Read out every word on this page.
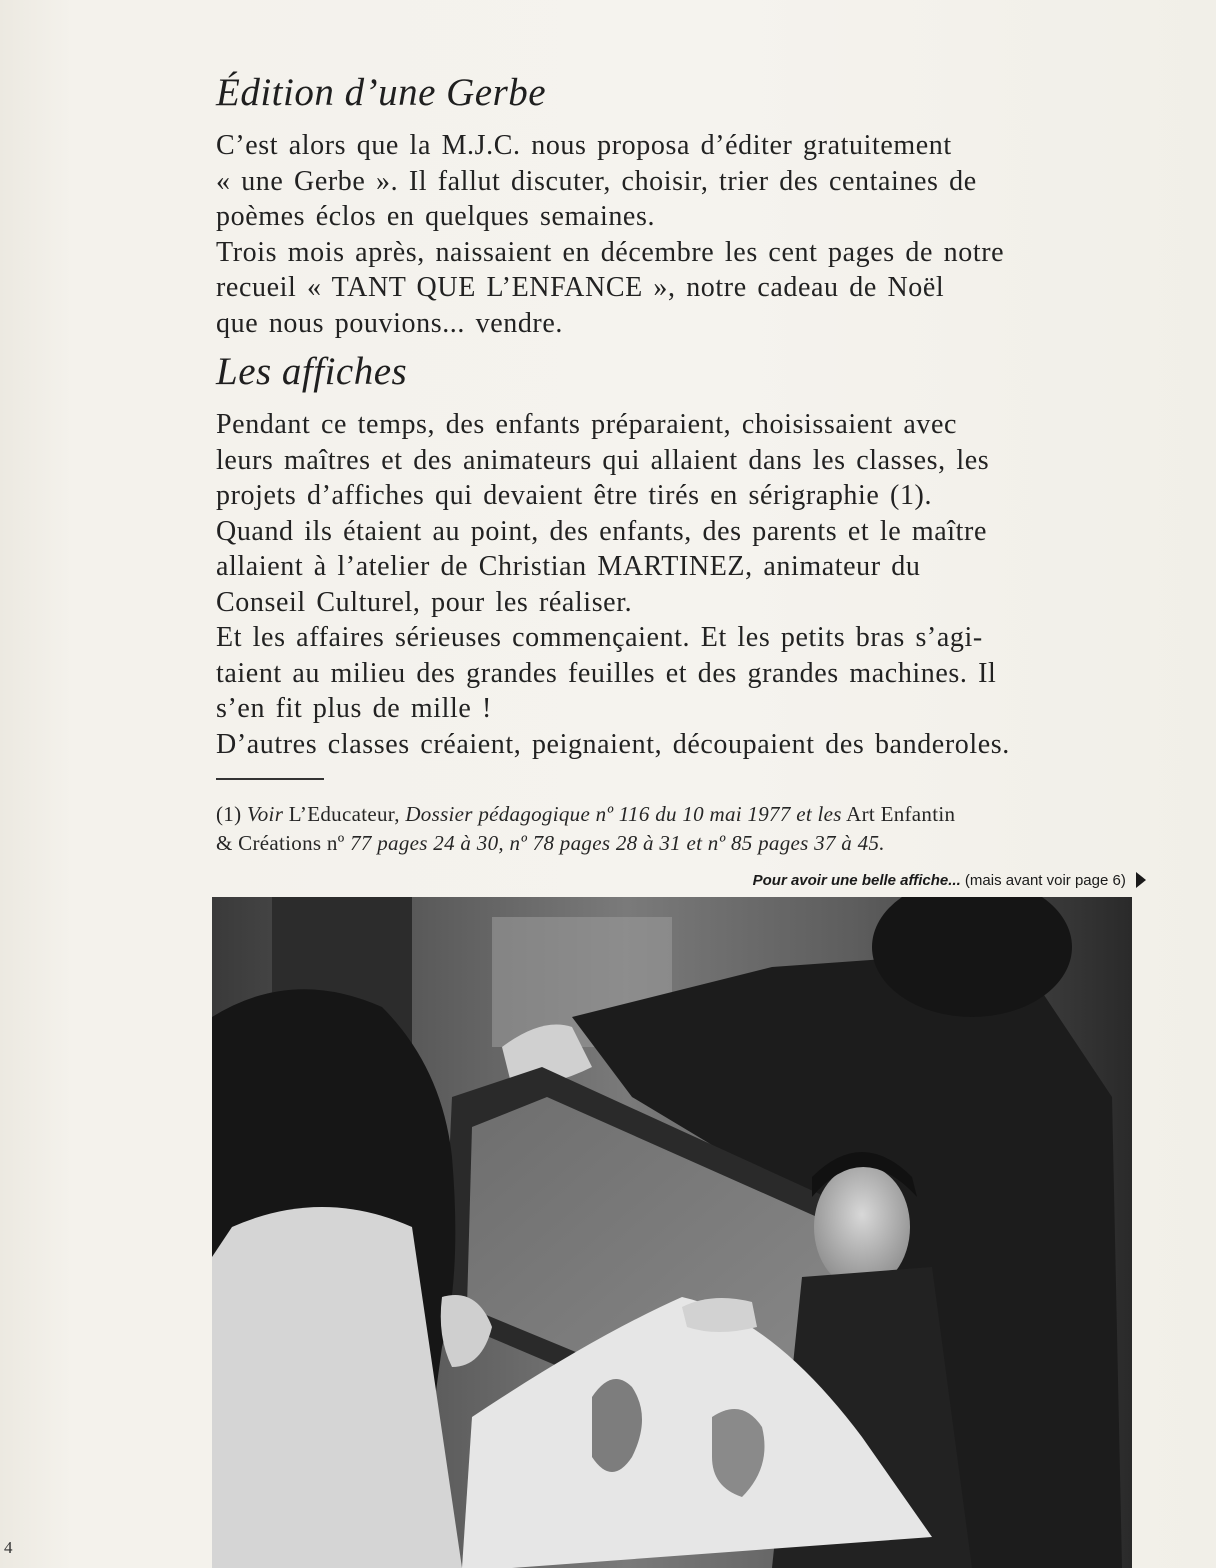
Édition d’une Gerbe
C’est alors que la M.J.C. nous proposa d’éditer gratuitement
« une Gerbe ». Il fallut discuter, choisir, trier des centaines de
poèmes éclos en quelques semaines.
Trois mois après, naissaient en décembre les cent pages de notre
recueil « TANT QUE L’ENFANCE », notre cadeau de Noël
que nous pouvions... vendre.
Les affiches
Pendant ce temps, des enfants préparaient, choisissaient avec
leurs maîtres et des animateurs qui allaient dans les classes, les
projets d’affiches qui devaient être tirés en sérigraphie (1).
Quand ils étaient au point, des enfants, des parents et le maître
allaient à l’atelier de Christian MARTINEZ, animateur du
Conseil Culturel, pour les réaliser.
Et les affaires sérieuses commençaient. Et les petits bras s’agi-
taient au milieu des grandes feuilles et des grandes machines. Il
s’en fit plus de mille !
D’autres classes créaient, peignaient, découpaient des banderoles.
(1) Voir L’Educateur, Dossier pédagogique nº 116 du 10 mai 1977 et les Art Enfantin
& Créations nº 77 pages 24 à 30, nº 78 pages 28 à 31 et nº 85 pages 37 à 45.
Pour avoir une belle affiche... (mais avant voir page 6)
4
